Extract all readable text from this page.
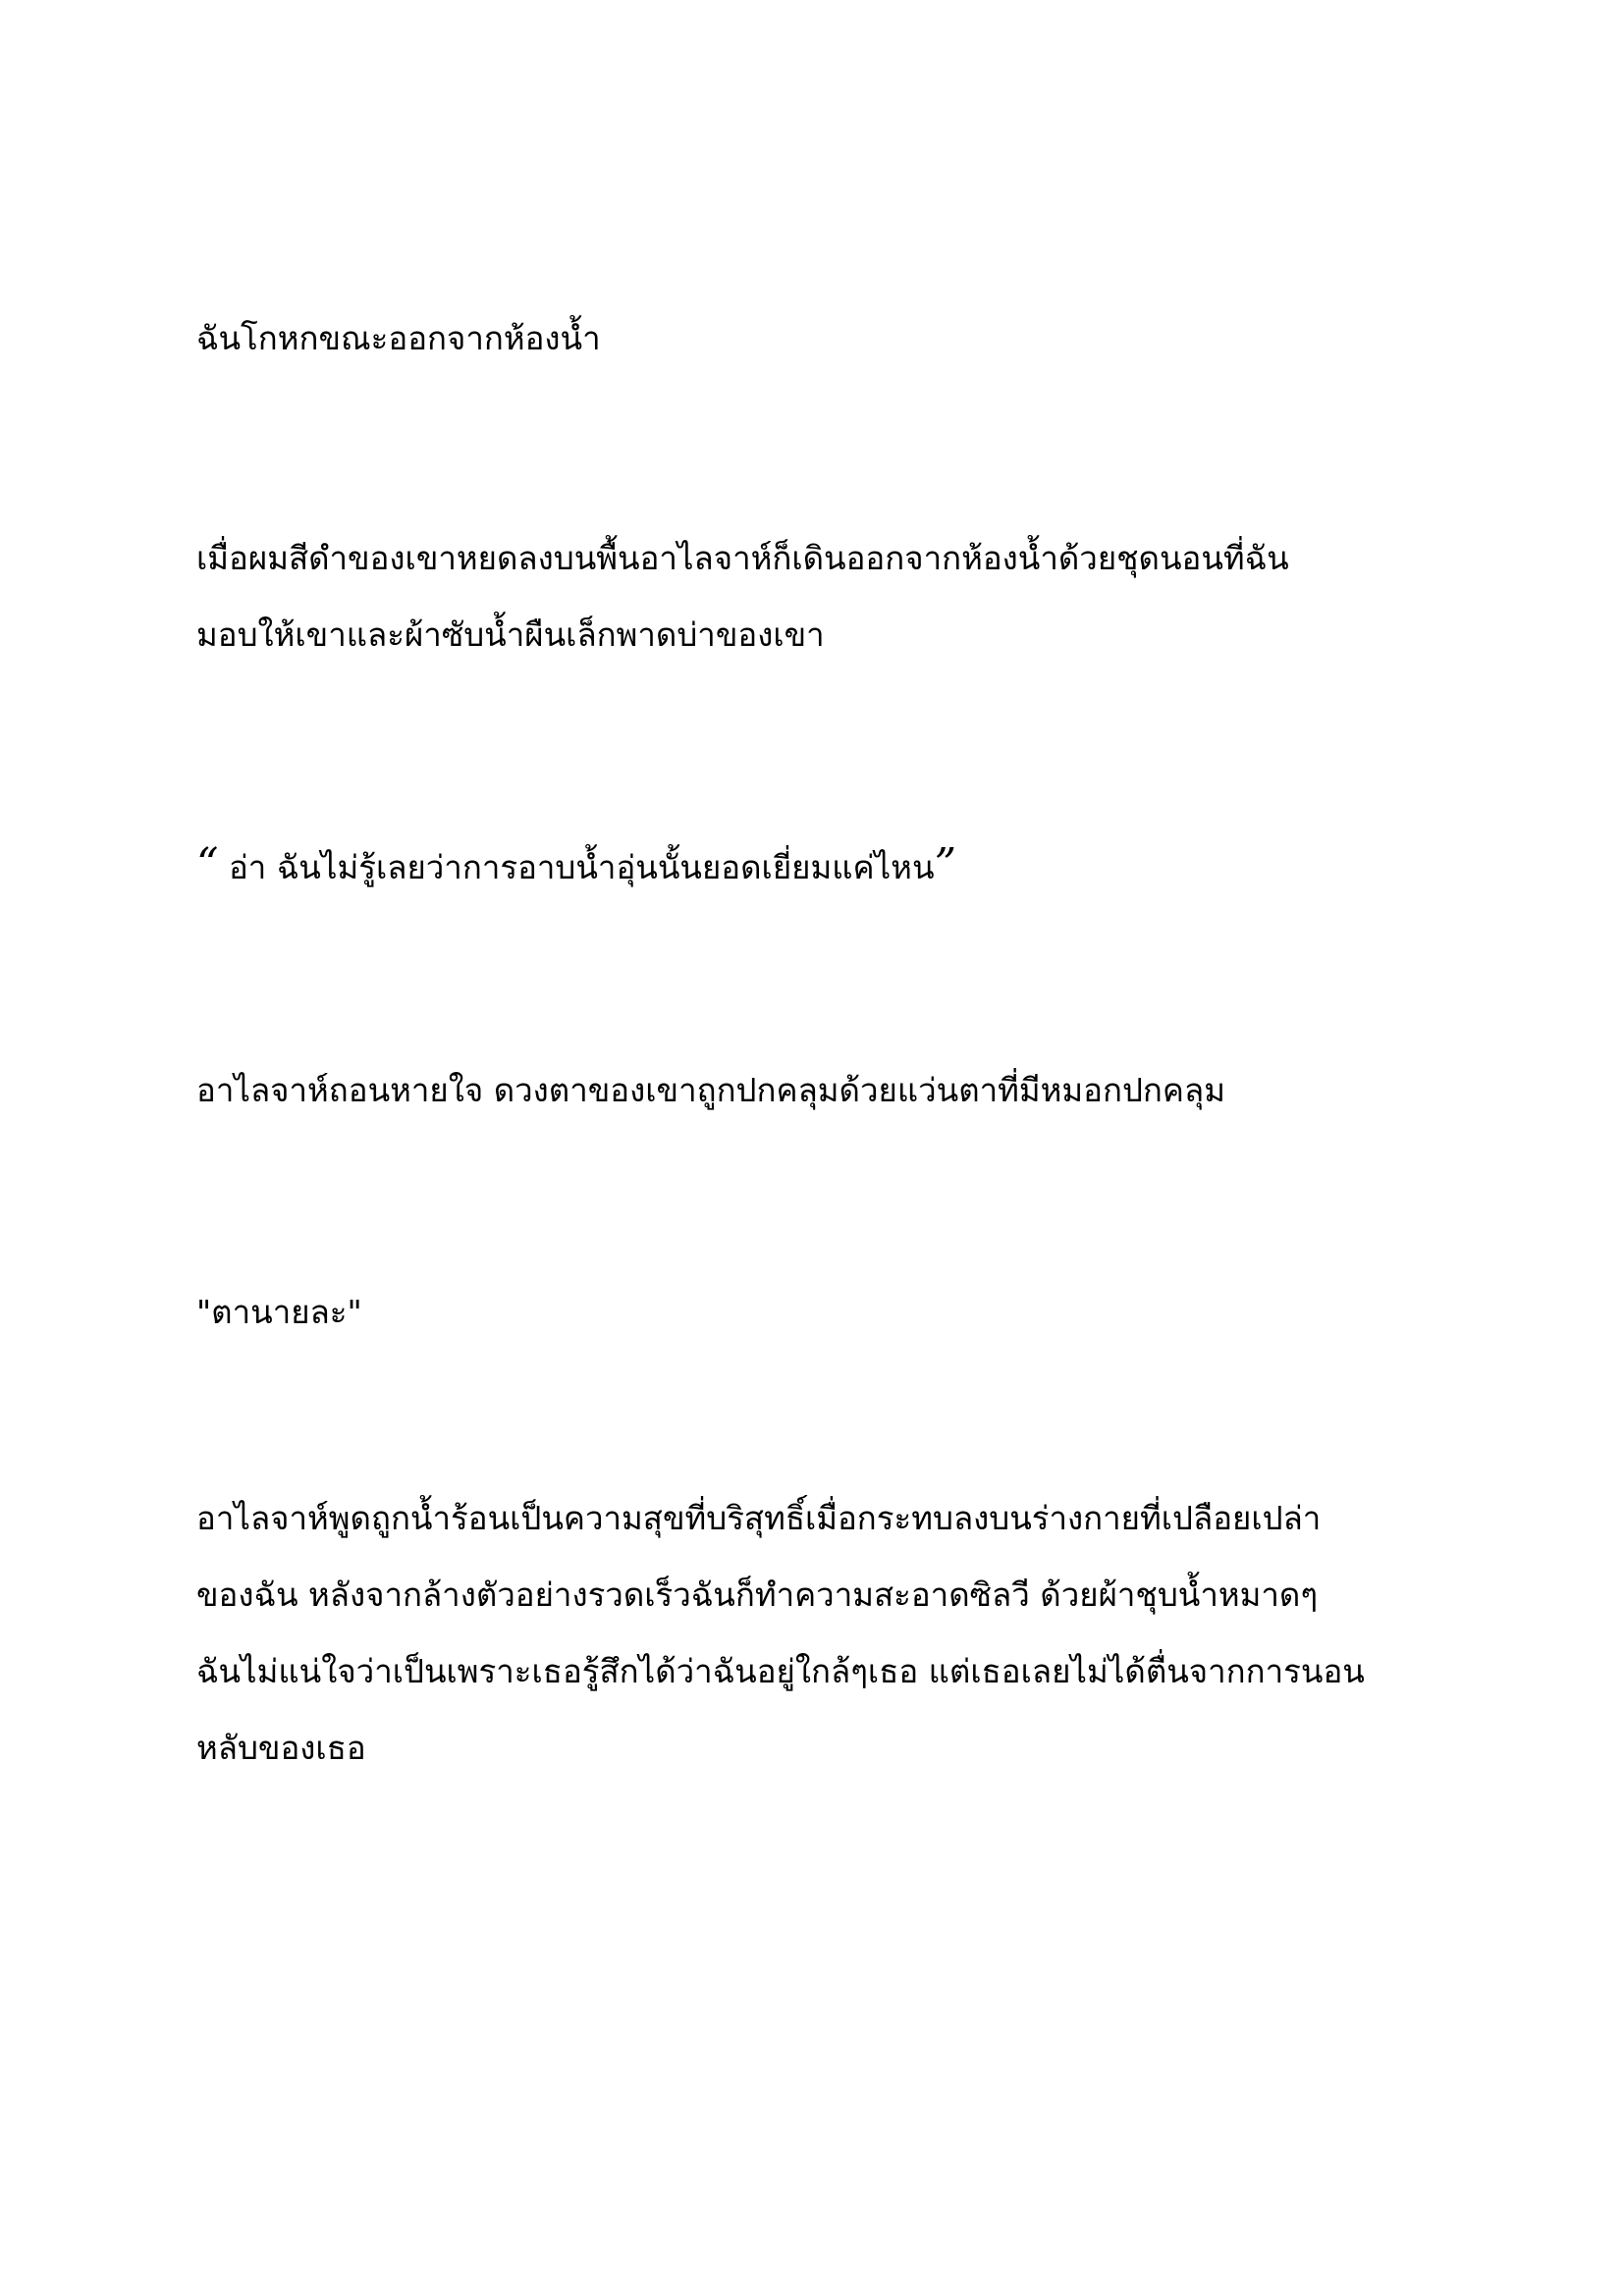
ฉันโกหกขณะออกจากห้องน้ำ

เมื่อผมสีดำของเขาหยดลงบนพื้นอาไลจาห์ก็เดินออกจากห้องน้ำด้วยชุดนอนที่ฉัน
มอบให้เขาและผ้าซับน้ำผืนเล็กพาดบ่าของเขา

“ อ่า ฉันไม่รู้เลยว่าการอาบน้ำอุ่นนั้นยอดเยี่ยมแค่ไหน”

อาไลจาห์ถอนหายใจ ดวงตาของเขาถูกปกคลุมด้วยแว่นตาที่มีหมอกปกคลุม

"ตานายละ"

อาไลจาห์พูดถูกน้ำร้อนเป็นความสุขที่บริสุทธิ์เมื่อกระทบลงบนร่างกายที่เปลือยเปล่า
ของฉัน หลังจากล้างตัวอย่างรวดเร็วฉันก็ทำความสะอาดซิลวี ด้วยผ้าชุบน้ำหมาดๆ
ฉันไม่แน่ใจว่าเป็นเพราะเธอรู้สึกได้ว่าฉันอยู่ใกล้ๆเธอ แต่เธอเลยไม่ได้ตื่นจากการนอน
หลับของเธอ
